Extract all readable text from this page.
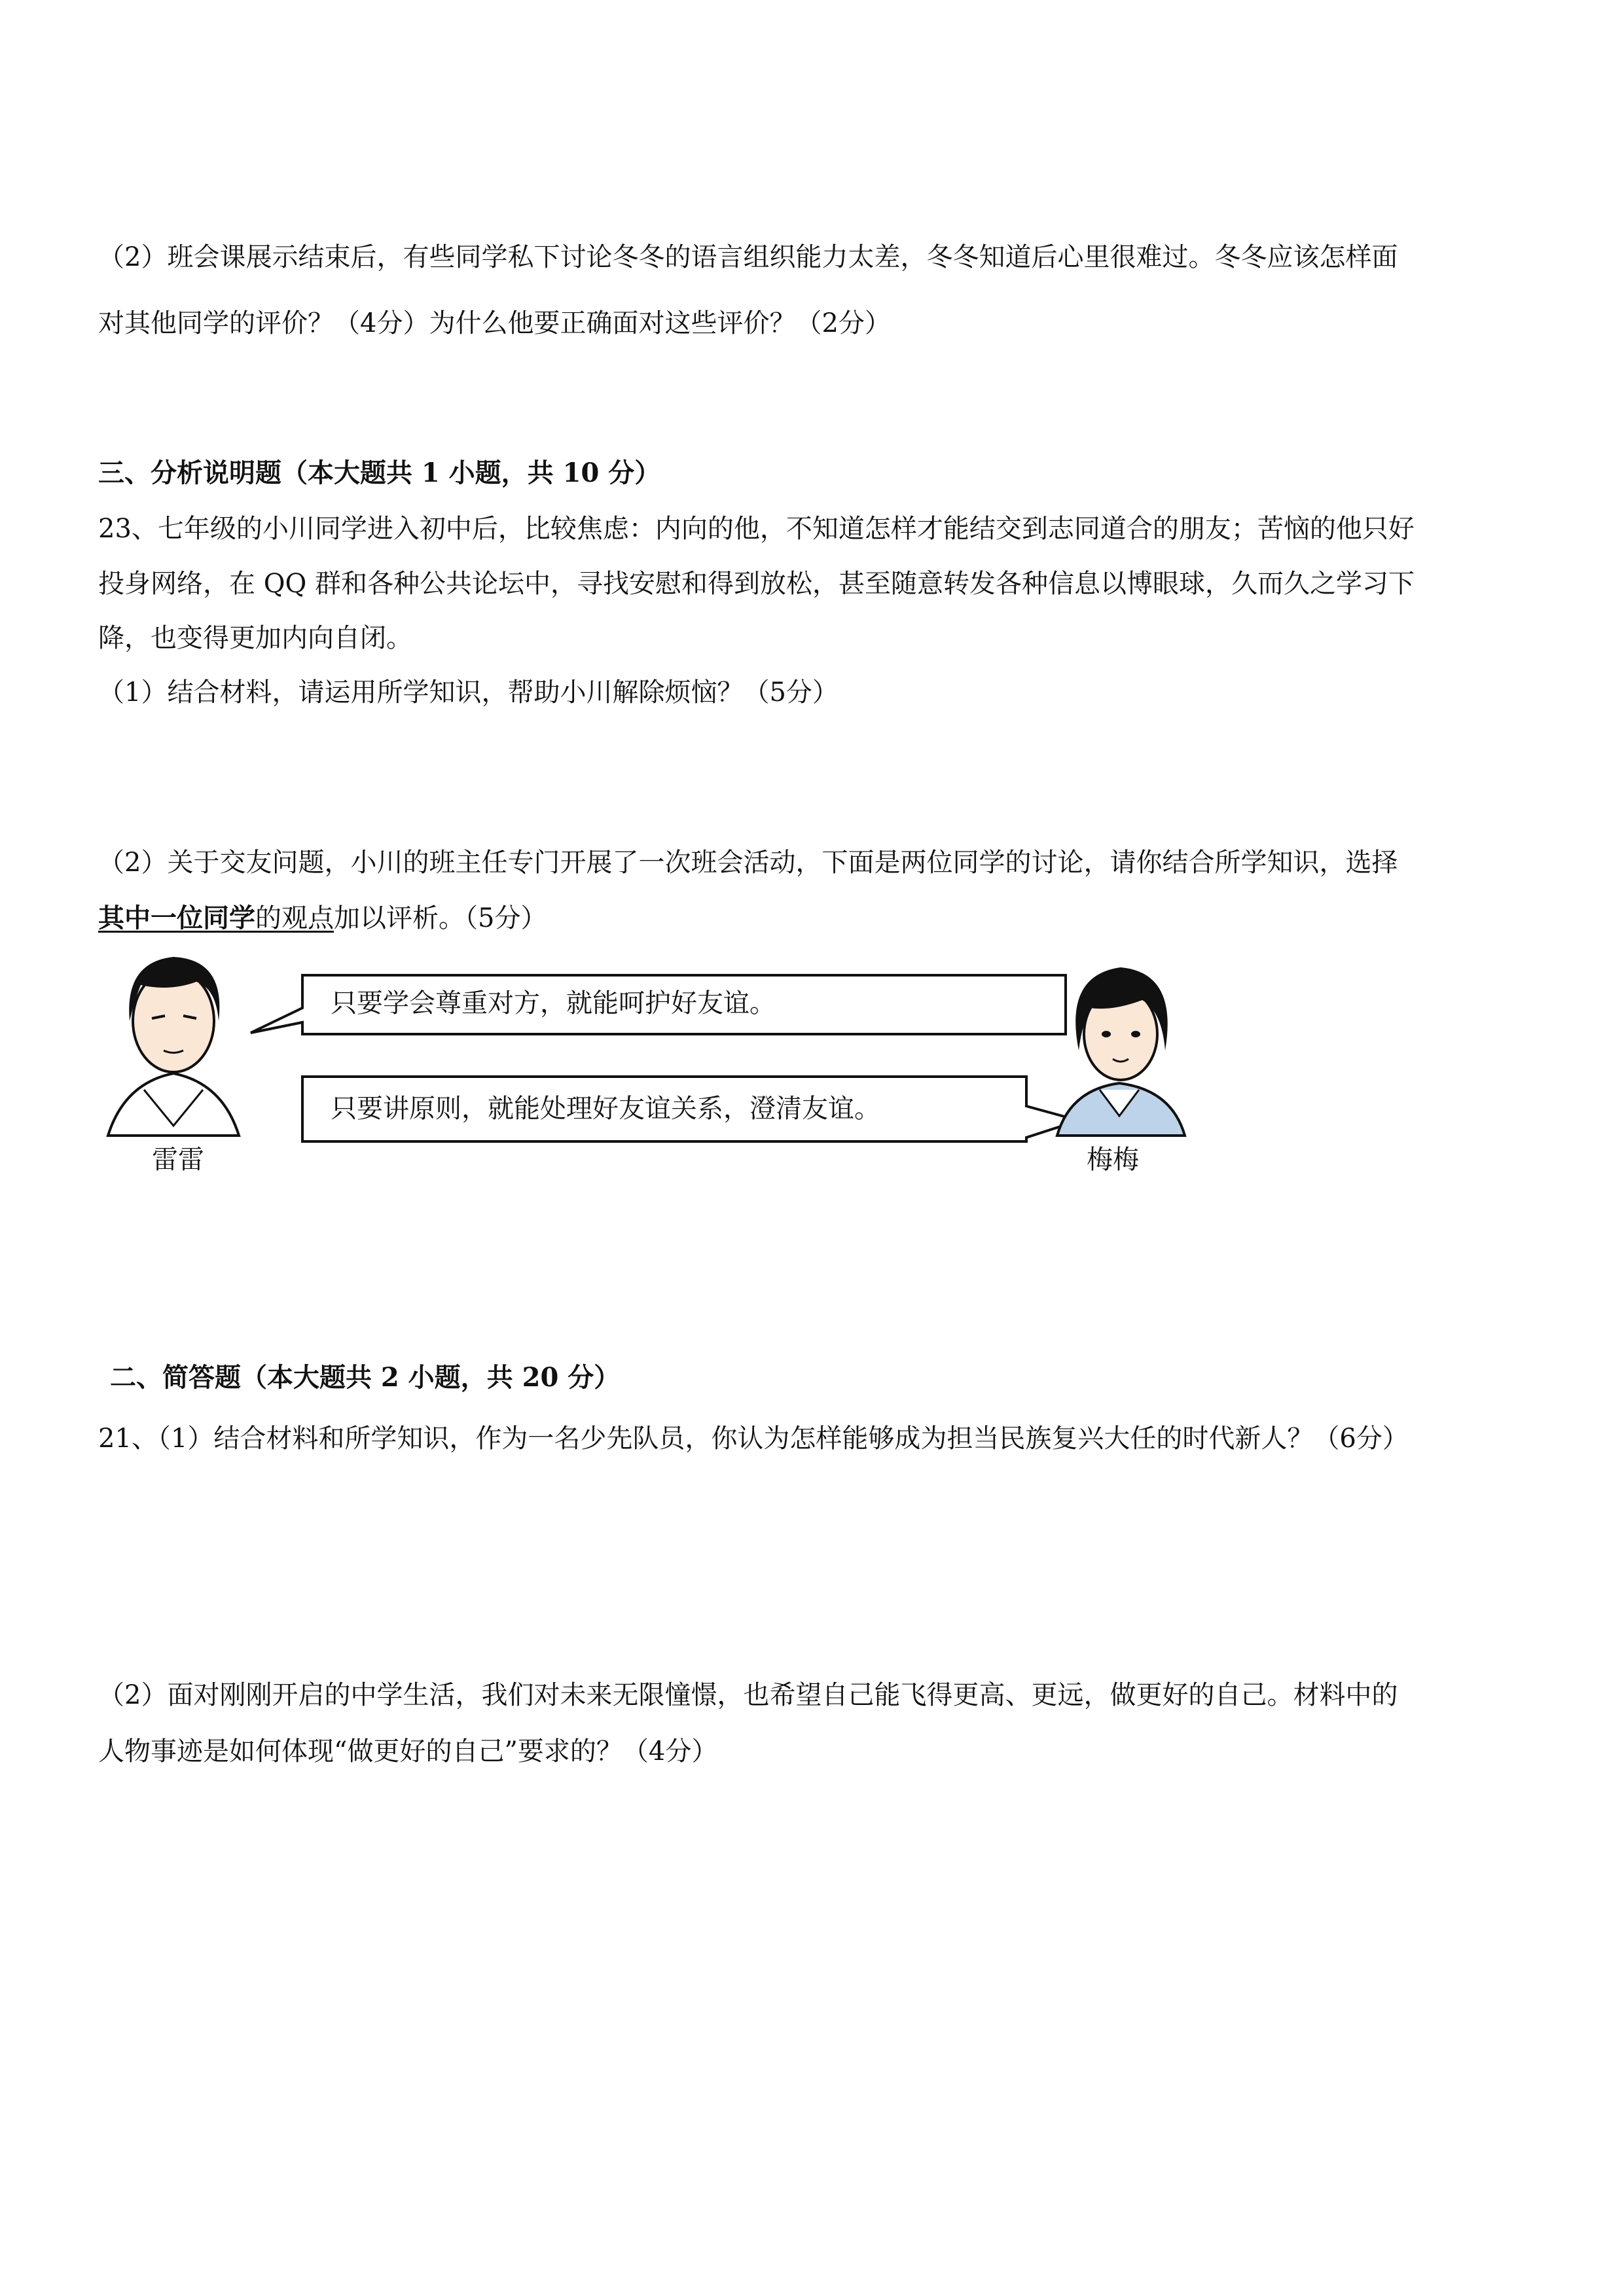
（2）班会课展示结束后，有些同学私下讨论冬冬的语言组织能力太差，冬冬知道后心里很难过。冬冬应该怎样面
对其他同学的评价？（4分）为什么他要正确面对这些评价？（2分）
三、分析说明题（本大题共 1 小题，共 10 分）
23、七年级的小川同学进入初中后，比较焦虑：内向的他，不知道怎样才能结交到志同道合的朋友；苦恼的他只好
投身网络，在 QQ 群和各种公共论坛中，寻找安慰和得到放松，甚至随意转发各种信息以博眼球，久而久之学习下
降，也变得更加内向自闭。
（1）结合材料，请运用所学知识，帮助小川解除烦恼？（5分）
（2）关于交友问题，小川的班主任专门开展了一次班会活动，下面是两位同学的讨论，请你结合所学知识，选择
其中一位同学的观点加以评析。（5分）
只要学会尊重对方，就能呵护好友谊。
只要讲原则，就能处理好友谊关系，澄清友谊。
雷雷	梅梅
二、简答题（本大题共 2 小题，共 20 分）
21、（1）结合材料和所学知识，作为一名少先队员，你认为怎样能够成为担当民族复兴大任的时代新人？（6分）
（2）面对刚刚开启的中学生活，我们对未来无限憧憬，也希望自己能飞得更高、更远，做更好的自己。材料中的
人物事迹是如何体现“做更好的自己”要求的？（4分）
